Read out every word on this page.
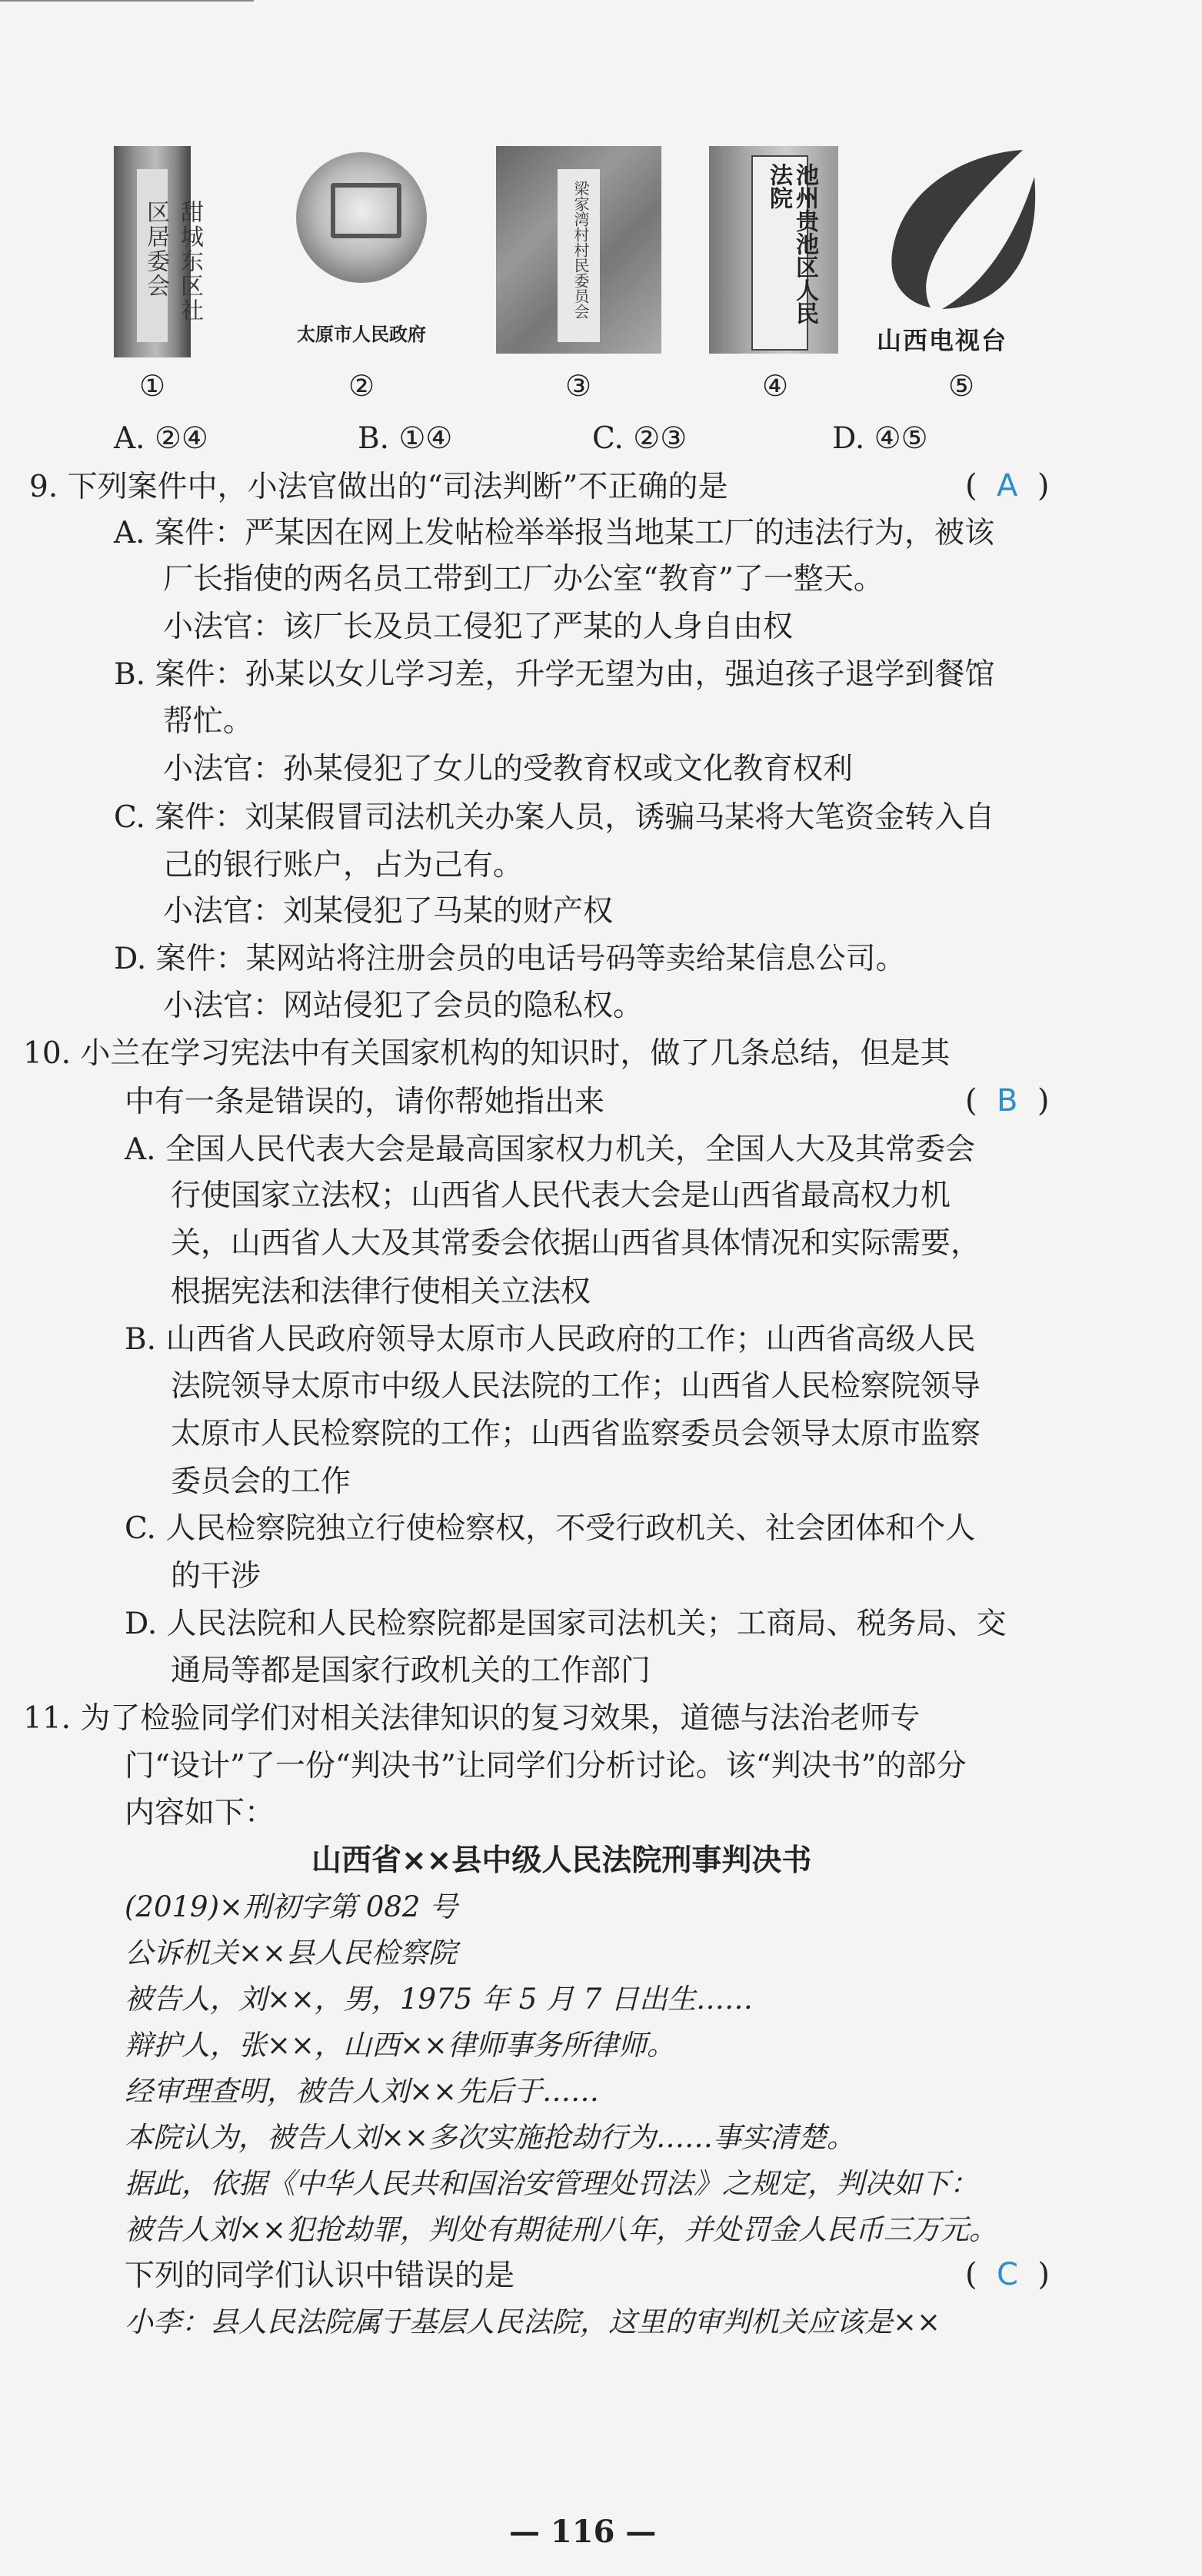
甜城东区社区居委会
太原市人民政府
梁家湾村村民委员会	池州贵池区人民法院
山西电视台
①	②	③	④	⑤
A. ②④	B. ①④	C. ②③	D. ④⑤
9. 下列案件中，小法官做出的“司法判断”不正确的是	(  A  )
A. 案件：严某因在网上发帖检举举报当地某工厂的违法行为，被该
厂长指使的两名员工带到工厂办公室“教育”了一整天。
小法官：该厂长及员工侵犯了严某的人身自由权
B. 案件：孙某以女儿学习差，升学无望为由，强迫孩子退学到餐馆
帮忙。
小法官：孙某侵犯了女儿的受教育权或文化教育权利
C. 案件：刘某假冒司法机关办案人员，诱骗马某将大笔资金转入自
己的银行账户，占为己有。
小法官：刘某侵犯了马某的财产权
D. 案件：某网站将注册会员的电话号码等卖给某信息公司。
小法官：网站侵犯了会员的隐私权。
10. 小兰在学习宪法中有关国家机构的知识时，做了几条总结，但是其
中有一条是错误的，请你帮她指出来	(  B  )
A. 全国人民代表大会是最高国家权力机关，全国人大及其常委会
行使国家立法权；山西省人民代表大会是山西省最高权力机
关，山西省人大及其常委会依据山西省具体情况和实际需要，
根据宪法和法律行使相关立法权
B. 山西省人民政府领导太原市人民政府的工作；山西省高级人民
法院领导太原市中级人民法院的工作；山西省人民检察院领导
太原市人民检察院的工作；山西省监察委员会领导太原市监察
委员会的工作
C. 人民检察院独立行使检察权，不受行政机关、社会团体和个人
的干涉
D. 人民法院和人民检察院都是国家司法机关；工商局、税务局、交
通局等都是国家行政机关的工作部门
11. 为了检验同学们对相关法律知识的复习效果，道德与法治老师专
门“设计”了一份“判决书”让同学们分析讨论。该“判决书”的部分
内容如下：
山西省××县中级人民法院刑事判决书
(2019)×刑初字第 082 号
公诉机关××县人民检察院
被告人，刘××，男，1975 年 5 月 7 日出生……
辩护人，张××，山西××律师事务所律师。
经审理查明，被告人刘××先后于……
本院认为，被告人刘××多次实施抢劫行为……事实清楚。
据此，依据《中华人民共和国治安管理处罚法》之规定，判决如下：
被告人刘××犯抢劫罪，判处有期徒刑八年，并处罚金人民币三万元。
下列的同学们认识中错误的是	(  C  )
小李：县人民法院属于基层人民法院，这里的审判机关应该是××
— 116 —
